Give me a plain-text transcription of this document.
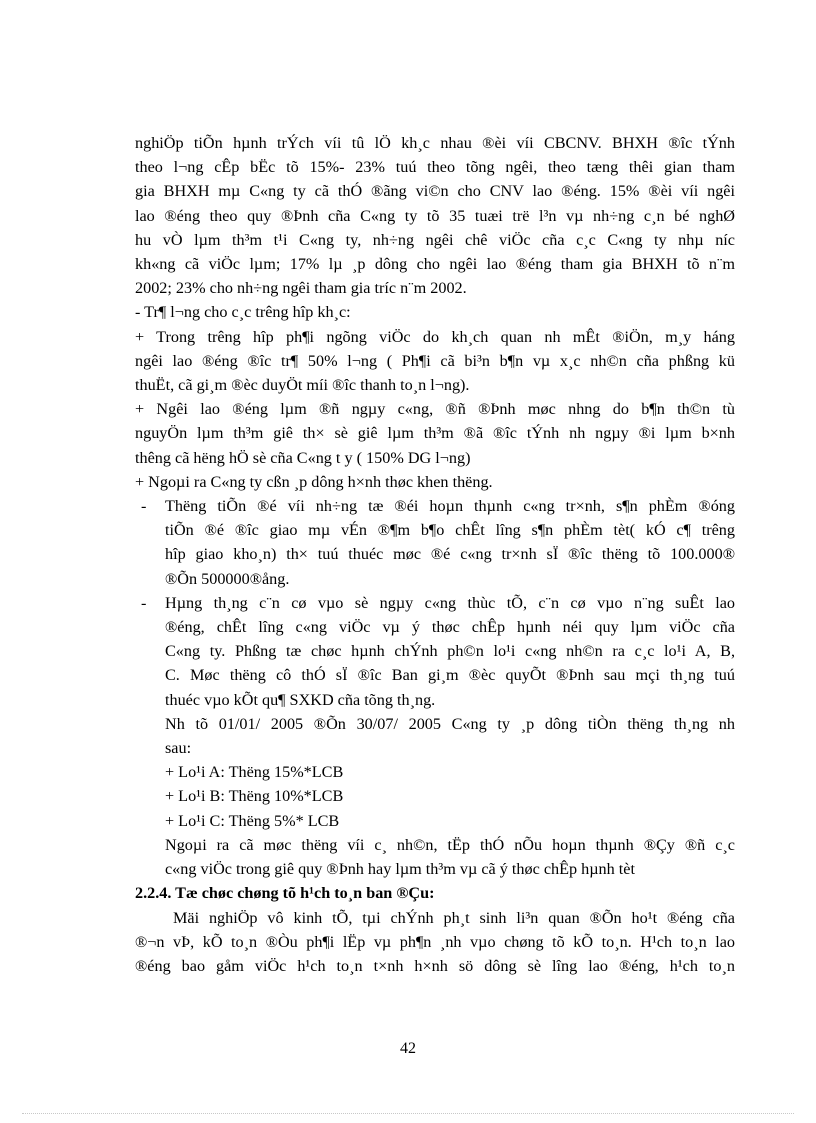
nghiÖp tiÕn hµnh trÝch víi tû lÖ kh¸c nhau ®èi víi CBCNV. BHXH ®îc tÝnh

theo l¬ng cÊp bËc tõ 15%- 23% tuú theo tõng ngêi, theo tæng thêi gian tham

gia BHXH mµ C«ng ty cã thÓ ®ãng vi©n cho CNV lao ®éng. 15% ®èi víi ngêi

lao ®éng theo quy ®Þnh cña C«ng ty tõ 35 tuæi trë l³n vµ nh÷ng c¸n bé nghØ

hu vÒ lµm th³m t¹i C«ng ty, nh÷ng ngêi chê viÖc cña c¸c C«ng ty nhµ níc

kh«ng cã viÖc lµm; 17% lµ ¸p dông cho ngêi lao ®éng tham gia BHXH tõ n¨m

2002; 23% cho nh÷ng ngêi tham gia tríc n¨m 2002.

- Tr¶ l¬ng cho c¸c trêng hîp kh¸c:

+ Trong trêng hîp ph¶i ngõng viÖc do kh¸ch quan nh mÊt ®iÖn, m¸y háng

ngêi lao ®éng ®îc tr¶ 50% l¬ng ( Ph¶i cã bi³n b¶n vµ x¸c nh©n cña phßng kü

thuËt, cã gi¸m ®èc duyÖt míi ®îc thanh to¸n l¬ng).

+ Ngêi lao ®éng lµm ®ñ ngµy c«ng, ®ñ ®Þnh møc nhng do b¶n th©n tù

nguyÖn lµm th³m giê th× sè giê lµm th³m ®ã ®îc tÝnh nh ngµy ®i lµm b×nh

thêng cã hëng hÖ sè cña C«ng t y ( 150% DG l¬ng)

+ Ngoµi ra C«ng ty cßn ¸p dông h×nh thøc khen thëng.

- Thëng tiÕn ®é víi nh÷ng tæ ®éi hoµn thµnh c«ng tr×nh, s¶n phÈm ®óng

tiÕn ®é ®îc giao mµ vÉn ®¶m b¶o chÊt lîng s¶n phÈm tèt( kÓ c¶ trêng

hîp giao kho¸n) th× tuú thuéc møc ®é c«ng tr×nh sÏ ®îc thëng tõ 100.000®

®Õn 500000®ång.

- Hµng th¸ng c¨n cø vµo sè ngµy c«ng thùc tÕ, c¨n cø vµo n¨ng suÊt lao

®éng, chÊt lîng c«ng viÖc vµ ý thøc chÊp hµnh néi quy lµm viÖc cña

C«ng ty. Phßng tæ chøc hµnh chÝnh ph©n lo¹i c«ng nh©n ra c¸c lo¹i A, B,

C. Møc thëng cô thÓ sÏ ®îc Ban gi¸m ®èc quyÕt ®Þnh sau mçi th¸ng tuú

thuéc vµo kÕt qu¶ SXKD cña tõng th¸ng.

Nh tõ 01/01/ 2005 ®Õn 30/07/ 2005 C«ng ty ¸p dông tiÒn thëng th¸ng nh

sau:

+ Lo¹i A: Thëng 15%*LCB

+ Lo¹i B: Thëng 10%*LCB

+ Lo¹i C: Thëng 5%* LCB

Ngoµi ra cã møc thëng víi c¸ nh©n, tËp thÓ nÕu hoµn thµnh ®Çy ®ñ c¸c

c«ng viÖc trong giê quy ®Þnh hay lµm th³m vµ cã ý thøc chÊp hµnh tèt

2.2.4. Tæ chøc chøng tõ h¹ch to¸n ban ®Çu:

Mäi nghiÖp vô kinh tÕ, tµi chÝnh ph¸t sinh li³n quan ®Õn ho¹t ®éng cña

®¬n vÞ, kÕ to¸n ®Òu ph¶i lËp vµ ph¶n ¸nh vµo chøng tõ kÕ to¸n. H¹ch to¸n lao

®éng bao gåm viÖc h¹ch to¸n t×nh h×nh sö dông sè lîng lao ®éng, h¹ch to¸n

42
